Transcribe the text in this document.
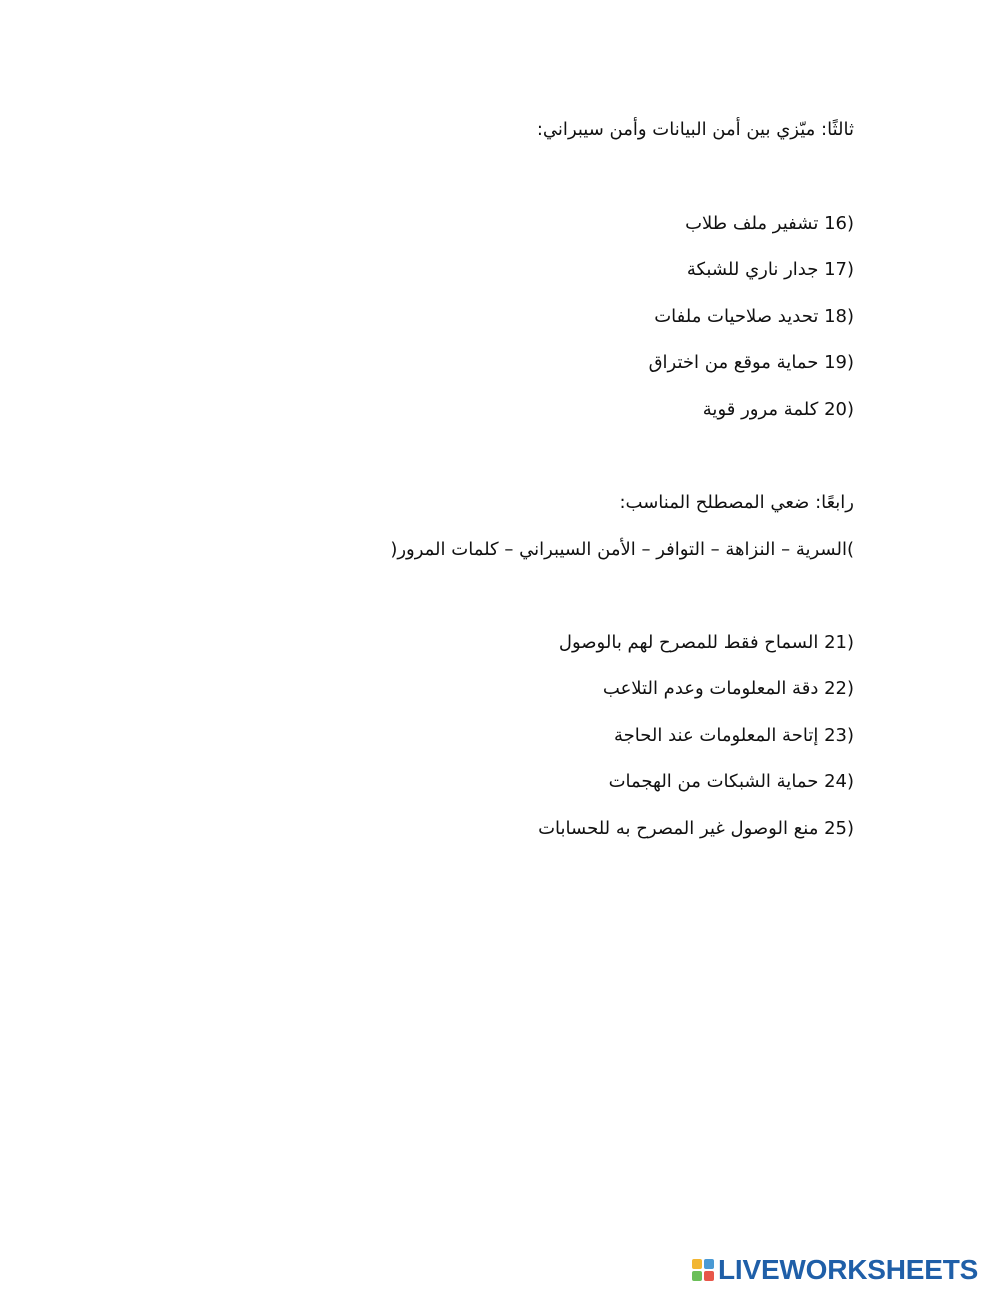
ثالثًا: ميّزي بين أمن البيانات وأمن سيبراني:
(16 تشفير ملف طلاب
(17 جدار ناري للشبكة
(18 تحديد صلاحيات ملفات
(19 حماية موقع من اختراق
(20 كلمة مرور قوية
رابعًا: ضعي المصطلح المناسب:
)السرية – النزاهة – التوافر – الأمن السيبراني – كلمات المرور(
(21 السماح فقط للمصرح لهم بالوصول
(22 دقة المعلومات وعدم التلاعب
(23 إتاحة المعلومات عند الحاجة
(24 حماية الشبكات من الهجمات
(25 منع الوصول غير المصرح به للحسابات
LIVEWORKSHEETS
